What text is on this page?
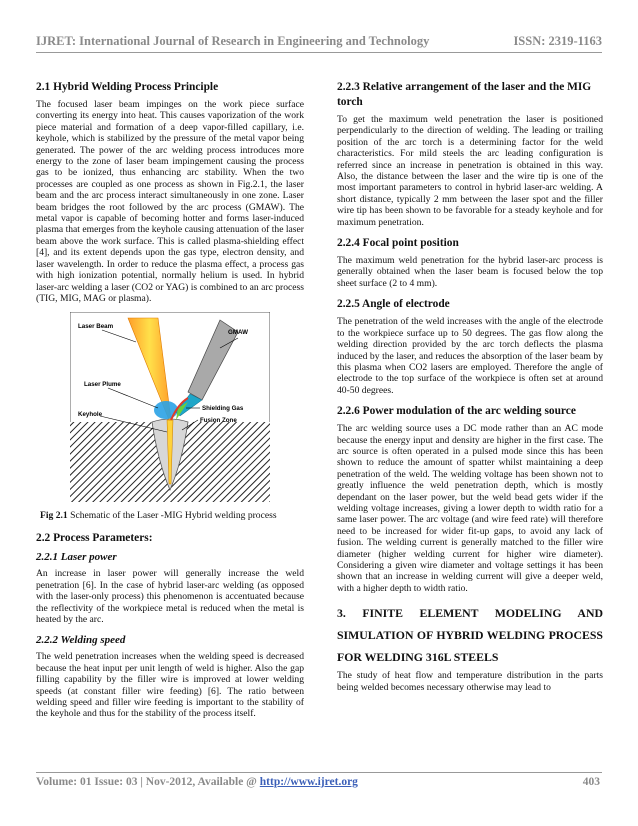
IJRET: International Journal of Research in Engineering and Technology	ISSN: 2319-1163
2.1 Hybrid Welding Process Principle

The focused laser beam impinges on the work piece surface converting its energy into heat. This causes vaporization of the work piece material and formation of a deep vapor-filled capillary, i.e. keyhole, which is stabilized by the pressure of the metal vapor being generated. The power of the arc welding process introduces more energy to the zone of laser beam impingement causing the process gas to be ionized, thus enhancing arc stability. When the two processes are coupled as one process as shown in Fig.2.1, the laser beam and the arc process interact simultaneously in one zone. Laser beam bridges the root followed by the arc process (GMAW). The metal vapor is capable of becoming hotter and forms laser-induced plasma that emerges from the keyhole causing attenuation of the laser beam above the work surface. This is called plasma-shielding effect [4], and its extent depends upon the gas type, electron density, and laser wavelength. In order to reduce the plasma effect, a process gas with high ionization potential, normally helium is used. In hybrid laser-arc welding a laser (CO2 or YAG) is combined to an arc process (TIG, MIG, MAG or plasma).

Laser Beam
GMAW
Laser Plume
Shielding Gas
Keyhole
Fusion Zone
Fig 2.1 Schematic of the Laser -MIG Hybrid welding process
2.2 Process Parameters:
2.2.1 Laser power

An increase in laser power will generally increase the weld penetration [6]. In the case of hybrid laser-arc welding (as opposed with the laser-only process) this phenomenon is accentuated because the reflectivity of the workpiece metal is reduced when the metal is heated by the arc.

2.2.2 Welding speed

The weld penetration increases when the welding speed is decreased because the heat input per unit length of weld is higher. Also the gap filling capability by the filler wire is improved at lower welding speeds (at constant filler wire feeding) [6]. The ratio between welding speed and filler wire feeding is important to the stability of the keyhole and thus for the stability of the process itself.

2.2.3 Relative arrangement of the laser and the MIG
torch

To get the maximum weld penetration the laser is positioned perpendicularly to the direction of welding. The leading or trailing position of the arc torch is a determining factor for the weld characteristics. For mild steels the arc leading configuration is referred since an increase in penetration is obtained in this way. Also, the distance between the laser and the wire tip is one of the most important parameters to control in hybrid laser-arc welding. A short distance, typically 2 mm between the laser spot and the filler wire tip has been shown to be favorable for a steady keyhole and for maximum penetration.

2.2.4 Focal point position

The maximum weld penetration for the hybrid laser-arc process is generally obtained when the laser beam is focused below the top sheet surface (2 to 4 mm).

2.2.5 Angle of electrode

The penetration of the weld increases with the angle of the electrode to the workpiece surface up to 50 degrees. The gas flow along the welding direction provided by the arc torch deflects the plasma induced by the laser, and reduces the absorption of the laser beam by this plasma when CO2 lasers are employed. Therefore the angle of electrode to the top surface of the workpiece is often set at around 40-50 degrees.

2.2.6 Power modulation of the arc welding source

The arc welding source uses a DC mode rather than an AC mode because the energy input and density are higher in the first case. The arc source is often operated in a pulsed mode since this has been shown to reduce the amount of spatter whilst maintaining a deep penetration of the weld. The welding voltage has been shown not to greatly influence the weld penetration depth, which is mostly dependant on the laser power, but the weld bead gets wider if the welding voltage increases, giving a lower depth to width ratio for a same laser power. The arc voltage (and wire feed rate) will therefore need to be increased for wider fit-up gaps, to avoid any lack of fusion. The welding current is generally matched to the filler wire diameter (higher welding current for higher wire diameter). Considering a given wire diameter and voltage settings it has been shown that an increase in welding current will give a deeper weld, with a higher depth to width ratio.

3. FINITE ELEMENT MODELING AND
SIMULATION OF HYBRID WELDING PROCESS
FOR WELDING 316L STEELS

The study of heat flow and temperature distribution in the parts being welded becomes necessary otherwise may lead to

Volume: 01 Issue: 03 | Nov-2012, Available @ http://www.ijret.org	403
